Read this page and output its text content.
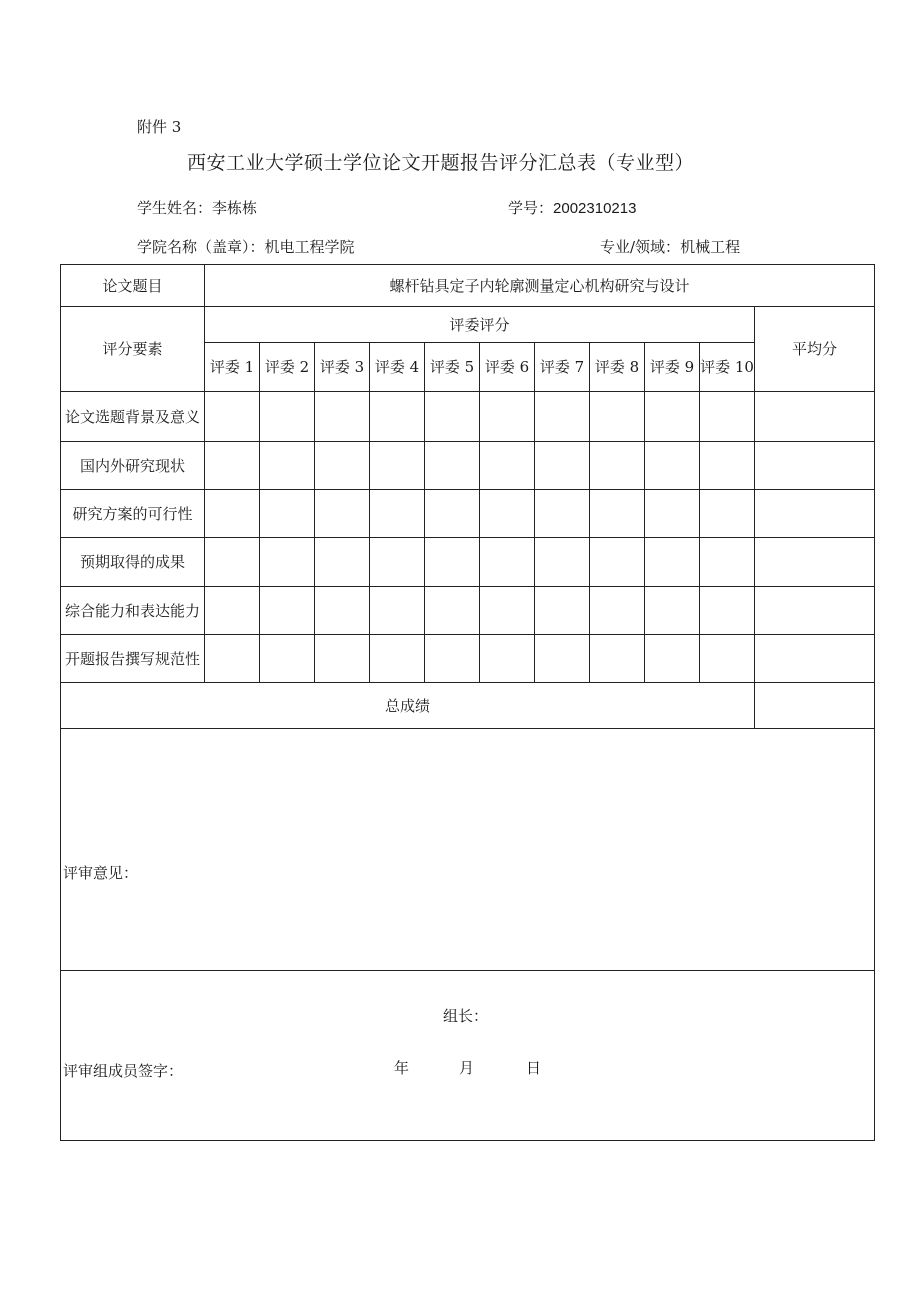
附件 3
西安工业大学硕士学位论文开题报告评分汇总表（专业型）
学生姓名：李栋栋	学号：2002310213
学院名称（盖章）：机电工程学院	专业/领域：机械工程
论文题目	螺杆钻具定子内轮廓测量定心机构研究与设计										
评分要素	评委评分										平均分
	评委 1	评委 2	评委 3	评委 4	评委 5	评委 6	评委 7	评委 8	评委 9	评委 10	
论文选题背景及意义											
国内外研究现状											
研究方案的可行性											
预期取得的成果											
综合能力和表达能力											
开题报告撰写规范性											
总成绩											

评审意见：
组长：
年 月 日											

评审组成员签字：											
